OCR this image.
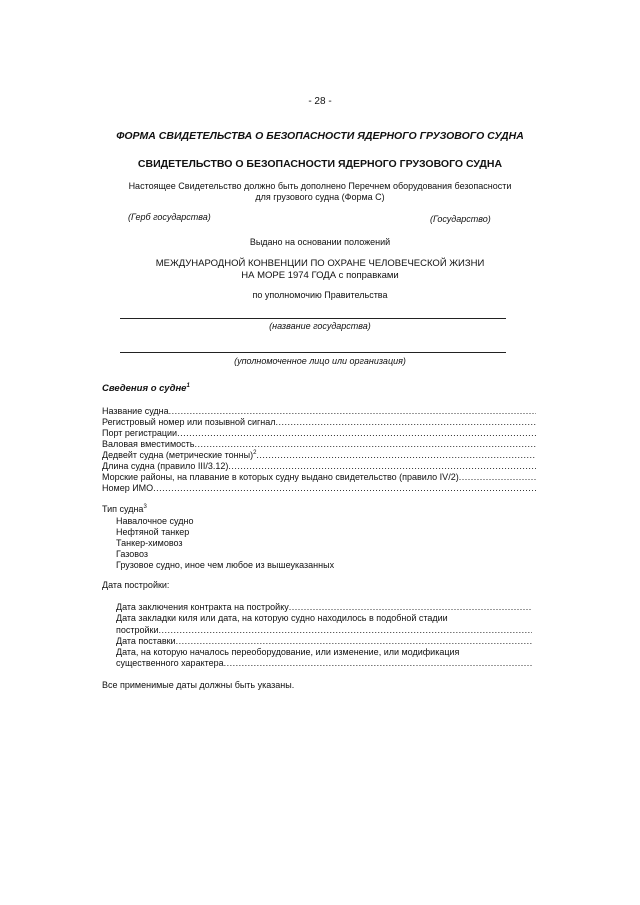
- 28 -
ФОРМА СВИДЕТЕЛЬСТВА О БЕЗОПАСНОСТИ ЯДЕРНОГО ГРУЗОВОГО СУДНА
СВИДЕТЕЛЬСТВО О БЕЗОПАСНОСТИ ЯДЕРНОГО ГРУЗОВОГО СУДНА
Настоящее Свидетельство должно быть дополнено Перечнем оборудования безопасности
для грузового судна (Форма С)
(Герб государства)	(Государство)
Выдано на основании положений
МЕЖДУНАРОДНОЙ КОНВЕНЦИИ ПО ОХРАНЕ ЧЕЛОВЕЧЕСКОЙ ЖИЗНИ
НА МОРЕ 1974 ГОДА с поправками
по уполномочию Правительства
(название государства)
(уполномоченное лицо или организация)
Сведения о судне$^1$
Название судна
.....
Регистровый номер или позывной сигнал
.....
Порт регистрации
.....
Валовая вместимость
.....
Дедвейт судна (метрические тонны)$^2$
.....
Длина судна (правило III/3.12)
.....
Морские районы, на плавание в которых судну выдано свидетельство (правило IV/2)
.....
Номер ИМО
.....
Тип судна$^3$
Навалочное судно
Нефтяной танкер
Танкер-химовоз
Газовоз
Грузовое судно, иное чем любое из вышеуказанных
Дата постройки:
Дата заключения контракта на постройку
.....
Дата закладки киля или дата, на которую судно находилось в подобной стадии
постройки
.....
Дата поставки
.....
Дата, на которую началось переоборудование, или изменение, или модификация
существенного характера
.....
Все применимые даты должны быть указаны.
